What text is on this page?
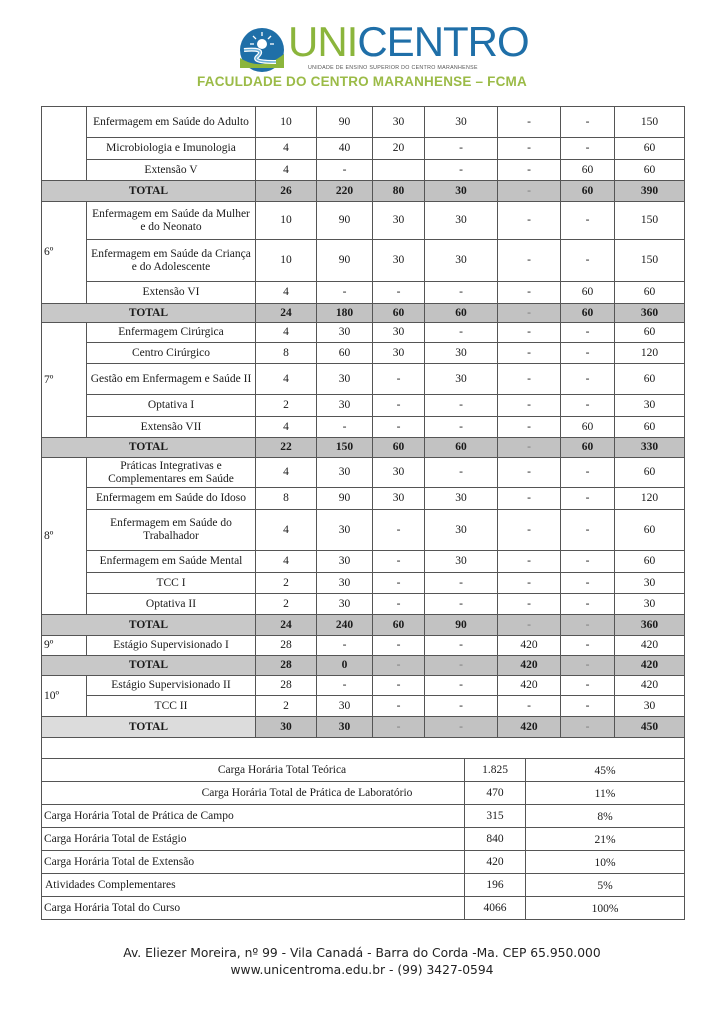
UNICENTRO
UNIDADE DE ENSINO SUPERIOR DO CENTRO MARANHENSE
FACULDADE DO CENTRO MARANHENSE – FCMA
	Enfermagem em Saúde do Adulto	10	90	30	30	-	-	150
	Microbiologia e Imunologia	4	40	20	-	-	-	60
	Extensão V	4	-		-	-	60	60
TOTAL		26	220	80	30	-	60	390
6º	Enfermagem em Saúde da Mulher e do Neonato	10	90	30	30	-	-	150
	Enfermagem em Saúde da Criança e do Adolescente	10	90	30	30	-	-	150
	Extensão VI	4	-	-	-	-	60	60
TOTAL		24	180	60	60	-	60	360
7º	Enfermagem Cirúrgica	4	30	30	-	-	-	60
	Centro Cirúrgico	8	60	30	30	-	-	120
	Gestão em Enfermagem e Saúde II	4	30	-	30	-	-	60
	Optativa I	2	30	-	-	-	-	30
	Extensão VII	4	-	-	-	-	60	60
TOTAL		22	150	60	60	-	60	330
8º	Práticas Integrativas e Complementares em Saúde	4	30	30	-	-	-	60
	Enfermagem em Saúde do Idoso	8	90	30	30	-	-	120
	Enfermagem em Saúde do Trabalhador	4	30	-	30	-	-	60
	Enfermagem em Saúde Mental	4	30	-	30	-	-	60
	TCC I	2	30	-	-	-	-	30
	Optativa II	2	30	-	-	-	-	30
TOTAL		24	240	60	90	-	-	360
9º	Estágio Supervisionado I	28	-	-	-	420	-	420
TOTAL		28	0	-	-	420	-	420
10º	Estágio Supervisionado II	28	-	-	-	420	-	420
	TCC II	2	30	-	-	-	-	30
TOTAL		30	30	-	-	420	-	450

Carga Horária Total Teórica	1.825	45%
Carga Horária Total de Prática de Laboratório	470	11%
Carga Horária Total de Prática de Campo	315	8%
Carga Horária Total de Estágio	840	21%
Carga Horária Total de Extensão	420	10%
Atividades Complementares	196	5%
Carga Horária Total do Curso	4066	100%
Av. Eliezer Moreira, nº 99 - Vila Canadá - Barra do Corda -Ma. CEP 65.950.000
www.unicentroma.edu.br - (99) 3427-0594
